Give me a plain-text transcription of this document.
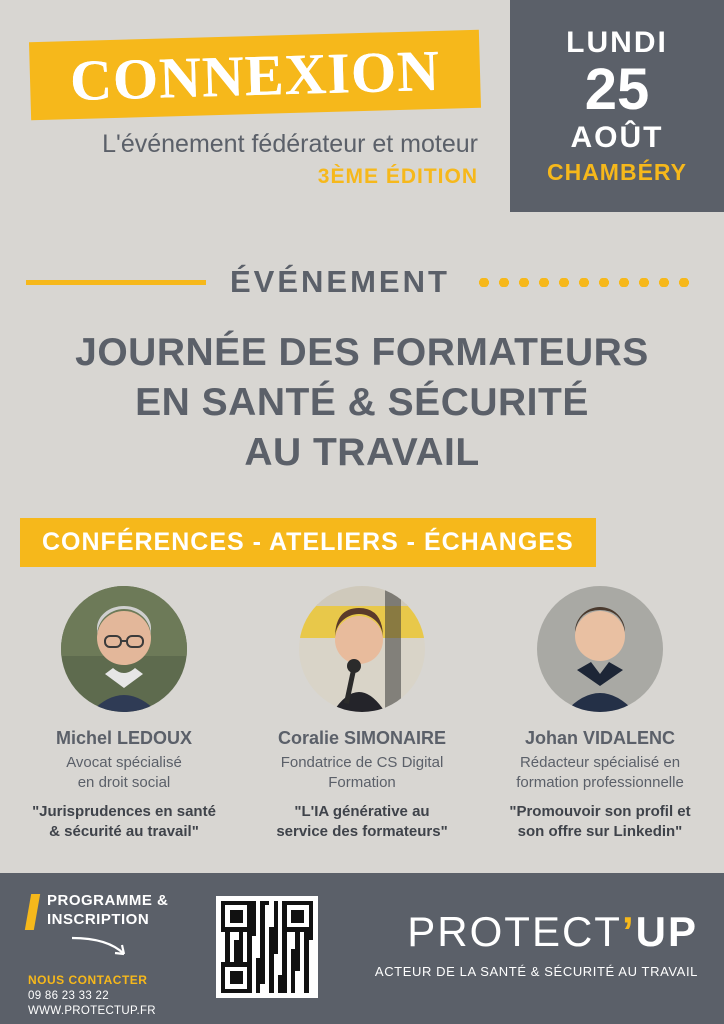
CONNEXION
L'événement fédérateur et moteur
3ÈME ÉDITION
LUNDI
25
AOÛT
CHAMBÉRY
ÉVÉNEMENT
JOURNÉE DES FORMATEURS
EN SANTÉ & SÉCURITÉ
AU TRAVAIL
CONFÉRENCES - ATELIERS - ÉCHANGES
Michel LEDOUX
Avocat spécialisé
en droit social
"Jurisprudences en santé
& sécurité au travail"
Coralie SIMONAIRE
Fondatrice de CS Digital
Formation
"L'IA générative au
service des formateurs"
Johan VIDALENC
Rédacteur spécialisé en
formation professionnelle
"Promouvoir son profil et
son offre sur Linkedin"
PROGRAMME &
INSCRIPTION
NOUS CONTACTER
09 86 23 33 22
WWW.PROTECTUP.FR
PROTECT’UP
ACTEUR DE LA SANTÉ & SÉCURITÉ AU TRAVAIL
